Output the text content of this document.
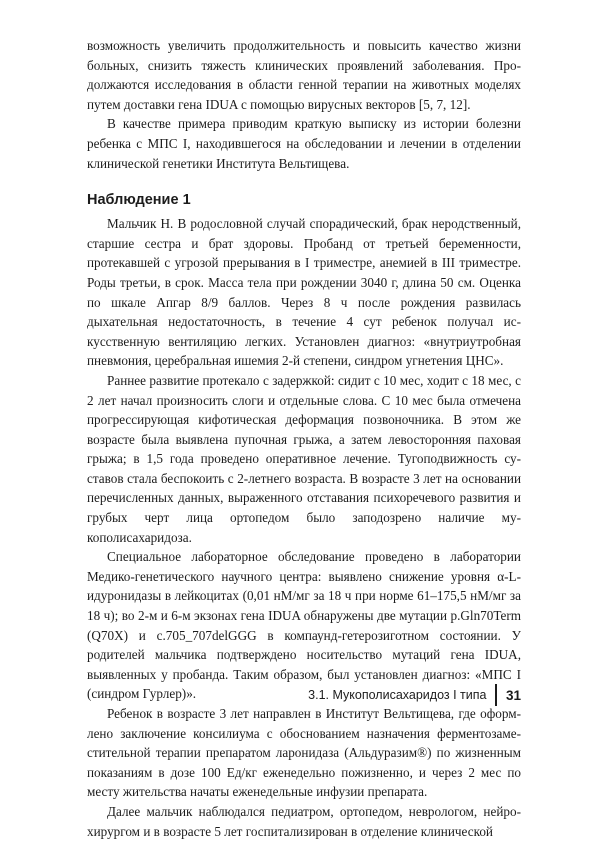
возможность увеличить продолжительность и повысить качество жизни больных, снизить тяжесть клинических проявлений заболевания. Продолжаются исследования в области генной терапии на животных моделях путем доставки гена IDUA с помощью вирусных векторов [5, 7, 12].

В качестве примера приводим краткую выписку из истории болезни ребенка с МПС I, находившегося на обследовании и лечении в отделении клинической генетики Института Вельтищева.

Наблюдение 1

Мальчик Н. В родословной случай спорадический, брак неродственный, старшие сестра и брат здоровы. Пробанд от третьей беременности, протекавшей с угрозой прерывания в I триместре, анемией в III триместре. Роды третьи, в срок. Масса тела при рождении 3040 г, длина 50 см. Оценка по шкале Апгар 8/9 баллов. Через 8 ч после рождения развилась дыхательная недостаточность, в течение 4 сут ребенок получал искусственную вентиляцию легких. Установлен диагноз: «внутриутробная пневмония, церебральная ишемия 2-й степени, синдром угнетения ЦНС».

Раннее развитие протекало с задержкой: сидит с 10 мес, ходит с 18 мес, с 2 лет начал произносить слоги и отдельные слова. С 10 мес была отмечена прогрессирующая кифотическая деформация позвоночника. В этом же возрасте была выявлена пупочная грыжа, а затем левосторонняя паховая грыжа; в 1,5 года проведено оперативное лечение. Тугоподвижность суставов стала беспокоить с 2-летнего возраста. В возрасте 3 лет на основании перечисленных данных, выраженного отставания психоречевого развития и грубых черт лица ортопедом было заподозрено наличие мукополисахаридоза.

Специальное лабораторное обследование проведено в лаборатории Медико-генетического научного центра: выявлено снижение уровня α-L-идуронидазы в лейкоцитах (0,01 нМ/мг за 18 ч при норме 61–175,5 нМ/мг за 18 ч); во 2-м и 6-м экзонах гена IDUA обнаружены две мутации p.Gln70Term (Q70X) и c.705_707delGGG в компаунд-гетерозиготном состоянии. У родителей мальчика подтверждено носительство мутаций гена IDUA, выявленных у пробанда. Таким образом, был установлен диагноз: «МПС I (синдром Гурлер)».

Ребенок в возрасте 3 лет направлен в Институт Вельтищева, где оформлено заключение консилиума с обоснованием назначения ферментозаместительной терапии препаратом ларонидаза (Альдуразим®) по жизненным показаниям в дозе 100 Ед/кг еженедельно пожизненно, и через 2 мес по месту жительства начаты еженедельные инфузии препарата.

Далее мальчик наблюдался педиатром, ортопедом, неврологом, нейрохирургом и в возрасте 5 лет госпитализирован в отделение клинической

3.1. Мукополисахаридоз I типа	31
